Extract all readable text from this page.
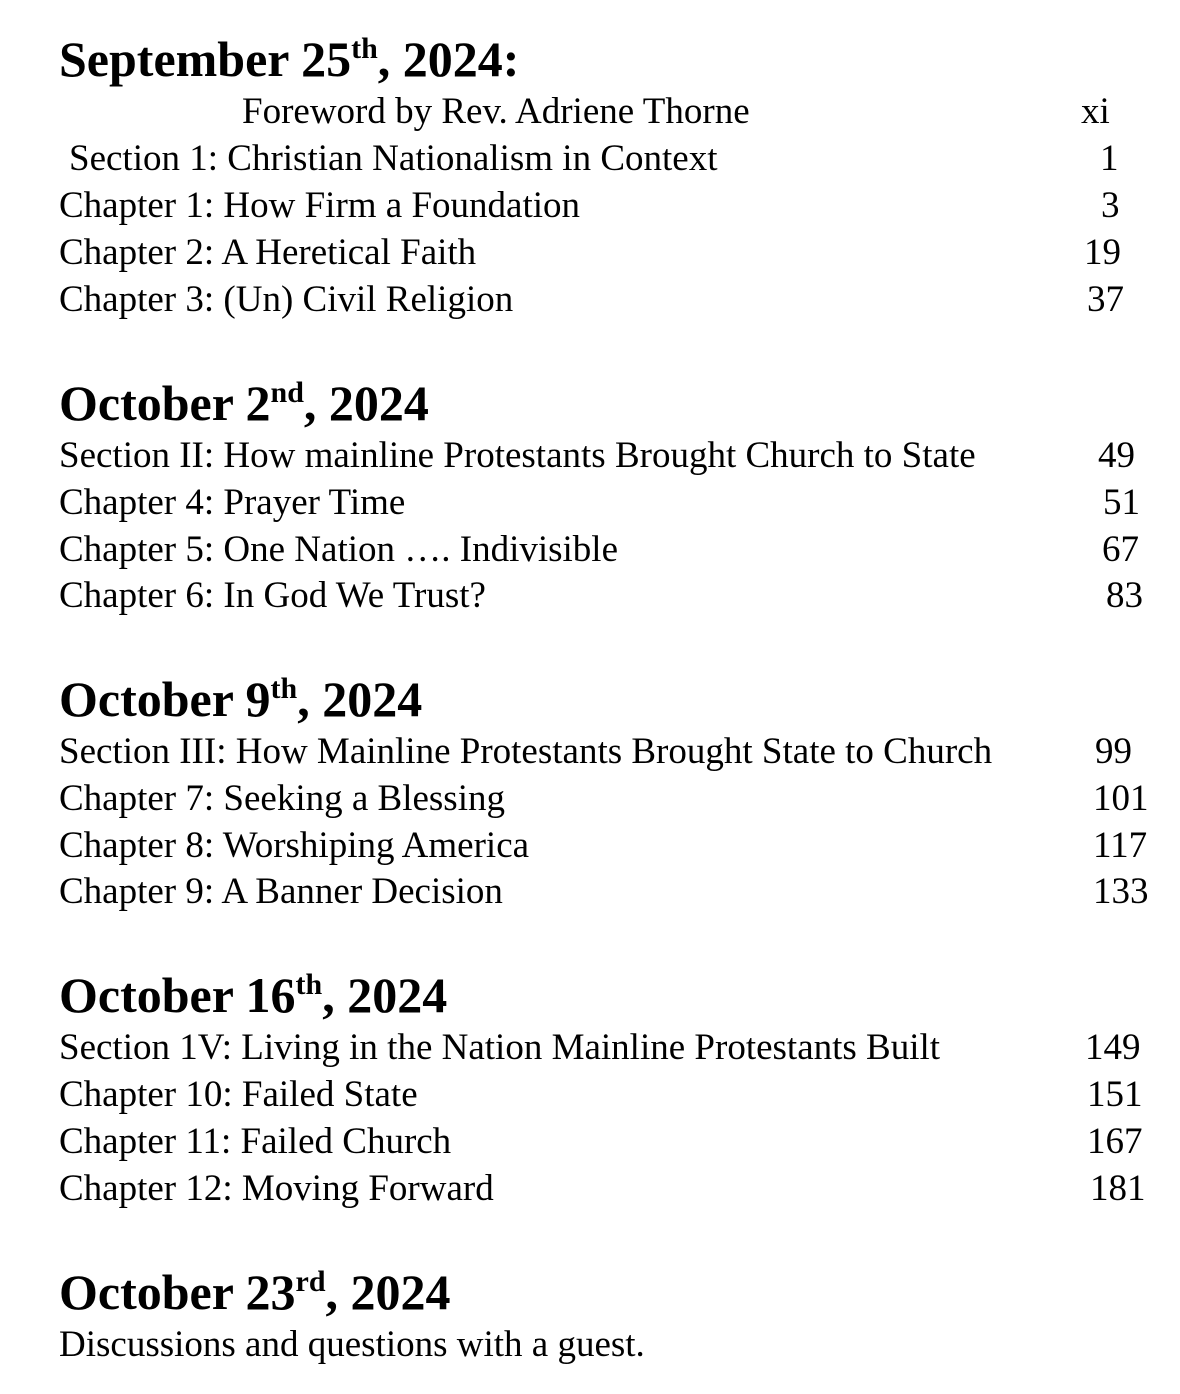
September 25th, 2024:
Foreword by Rev. Adriene Thorne	xi
Section 1: Christian Nationalism in Context	1
Chapter 1: How Firm a Foundation	3
Chapter 2: A Heretical Faith	19
Chapter 3: (Un) Civil Religion	37
October 2nd, 2024
Section II: How mainline Protestants Brought Church to State	49
Chapter 4: Prayer Time	51
Chapter 5: One Nation …. Indivisible	67
Chapter 6: In God We Trust?	83
October 9th, 2024
Section III: How Mainline Protestants Brought State to Church	99
Chapter 7: Seeking a Blessing	101
Chapter 8: Worshiping America	117
Chapter 9: A Banner Decision	133
October 16th, 2024
Section 1V: Living in the Nation Mainline Protestants Built	149
Chapter 10: Failed State	151
Chapter 11: Failed Church	167
Chapter 12: Moving Forward	181
October 23rd, 2024
Discussions and questions with a guest.
